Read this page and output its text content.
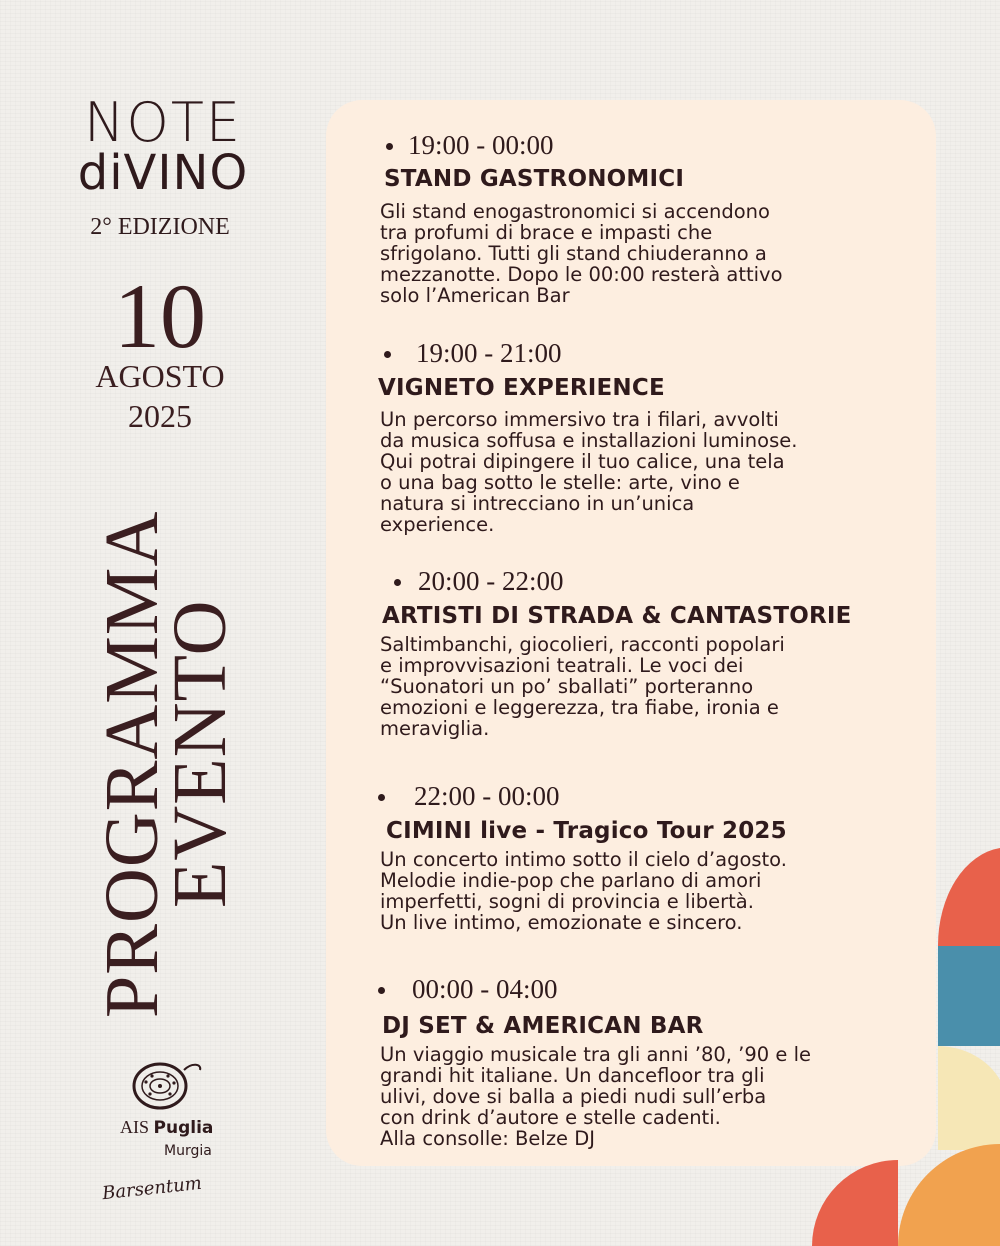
NOTE
diVINO
2° EDIZIONE
10
AGOSTO
2025
PROGRAMMA
EVENTO
AIS Puglia
Murgia
Barsentum
19:00 - 00:00
STAND GASTRONOMICI
Gli stand enogastronomici si accendono
tra profumi di brace e impasti che
sfrigolano. Tutti gli stand chiuderanno a
mezzanotte. Dopo le 00:00 resterà attivo
solo l’American Bar
19:00 - 21:00
VIGNETO EXPERIENCE
Un percorso immersivo tra i filari, avvolti
da musica soffusa e installazioni luminose.
Qui potrai dipingere il tuo calice, una tela
o una bag sotto le stelle: arte, vino e
natura si intrecciano in un’unica
experience.
20:00 - 22:00
ARTISTI DI STRADA & CANTASTORIE
Saltimbanchi, giocolieri, racconti popolari
e improvvisazioni teatrali. Le voci dei
“Suonatori un po’ sballati” porteranno
emozioni e leggerezza, tra fiabe, ironia e
meraviglia.
22:00 - 00:00
CIMINI live - Tragico Tour 2025
Un concerto intimo sotto il cielo d’agosto.
Melodie indie-pop che parlano di amori
imperfetti, sogni di provincia e libertà.
Un live intimo, emozionate e sincero.
00:00 - 04:00
DJ SET & AMERICAN BAR
Un viaggio musicale tra gli anni ’80, ’90 e le
grandi hit italiane. Un dancefloor tra gli
ulivi, dove si balla a piedi nudi sull’erba
con drink d’autore e stelle cadenti.
Alla consolle: Belze DJ
